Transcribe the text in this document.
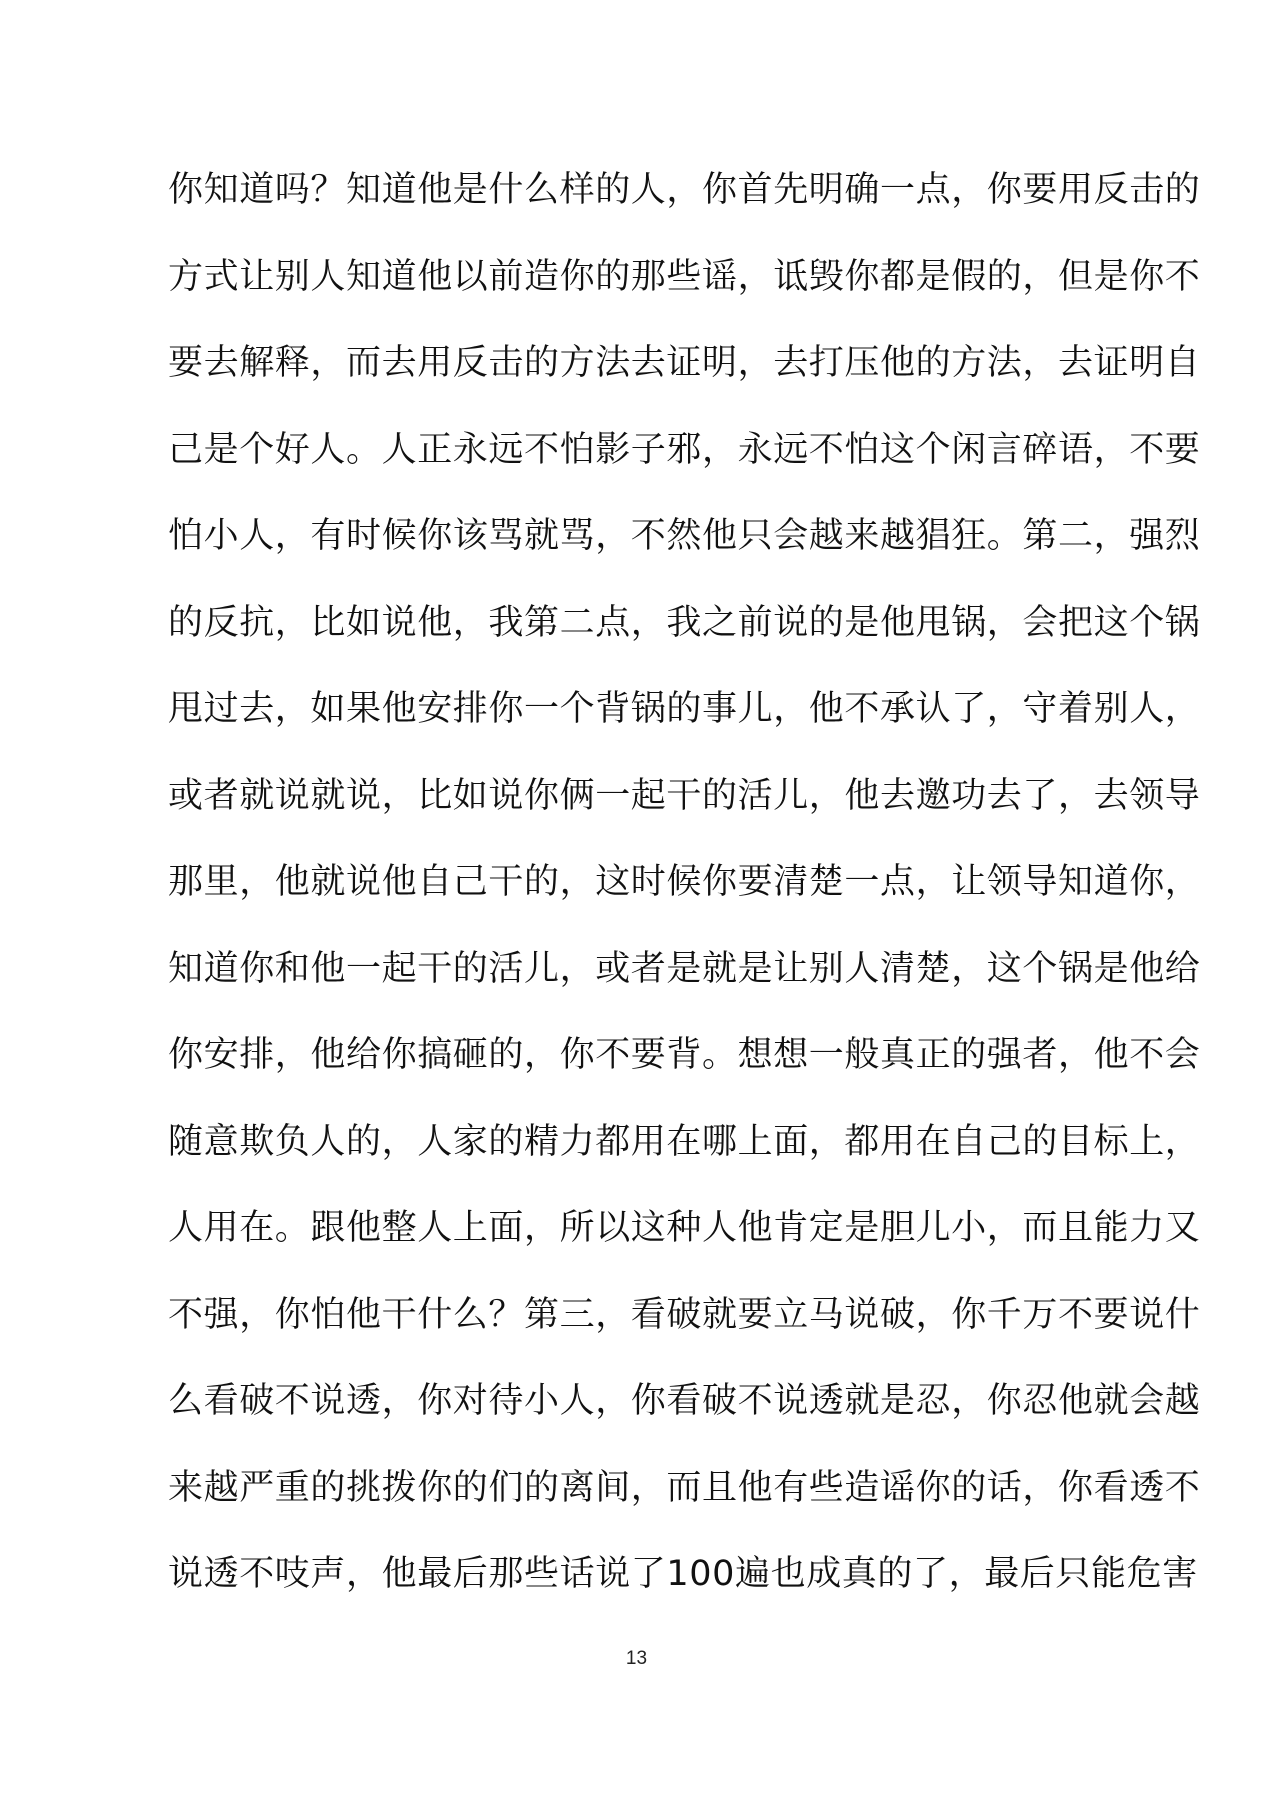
你知道吗？知道他是什么样的人，你首先明确一点，你要用反击的
方式让别人知道他以前造你的那些谣，诋毁你都是假的，但是你不
要去解释，而去用反击的方法去证明，去打压他的方法，去证明自
己是个好人。人正永远不怕影子邪，永远不怕这个闲言碎语，不要
怕小人，有时候你该骂就骂，不然他只会越来越猖狂。第二，强烈
的反抗，比如说他，我第二点，我之前说的是他甩锅，会把这个锅
甩过去，如果他安排你一个背锅的事儿，他不承认了，守着别人，
或者就说就说，比如说你俩一起干的活儿，他去邀功去了，去领导
那里，他就说他自己干的，这时候你要清楚一点，让领导知道你，
知道你和他一起干的活儿，或者是就是让别人清楚，这个锅是他给
你安排，他给你搞砸的，你不要背。想想一般真正的强者，他不会
随意欺负人的，人家的精力都用在哪上面，都用在自己的目标上，
人用在。跟他整人上面，所以这种人他肯定是胆儿小，而且能力又
不强，你怕他干什么？第三，看破就要立马说破，你千万不要说什
么看破不说透，你对待小人，你看破不说透就是忍，你忍他就会越
来越严重的挑拨你的们的离间，而且他有些造谣你的话，你看透不
说透不吱声，他最后那些话说了100遍也成真的了，最后只能危害
13
